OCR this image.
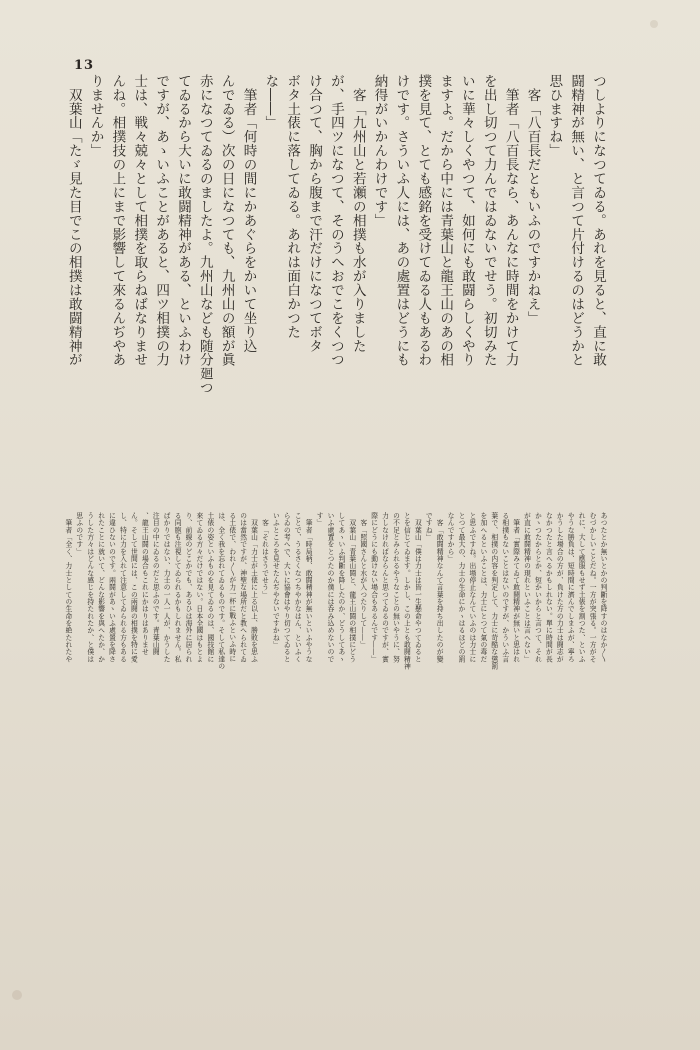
13
つしよりになつてゐる。あれを見ると、直に敢
闘精神が無い、と言つて片付けるのはどうかと
思ひますね」
　客「八百長だともいふのですかねえ」
　筆者「八百長なら、あんなに時間をかけて力
を出し切つて力んではゐないでせう。初切みた
いに華々しくやつて、如何にも敢闘らしくやり
ますよ。だから中には青葉山と龍王山のあの相
撲を見て、とても感銘を受けてゐる人もあるわ
けです。さういふ人には、あの處置はどうにも
納得がいかんわけです」
　客「九州山と若瀬の相撲も水が入りました
が、手四ツになつて、そのうへおでこをくつつ
け合つて、胸から腹まで汗だけになつてボタ
ボタ土俵に落してゐる。あれは面白かつた
な――」
　筆者「何時の間にかあぐらをかいて坐り込
んでゐる）次の日になつても、九州山の額が眞
赤になつてゐるのましたよ。九州山なども随分廻つ
てゐるから大いに敢闘精神がある、といふわけ
ですが、あゝいふことがあると、四ツ相撲の力
士は、戦々兢々として相撲を取らねばなりませ
んね。相撲技の上にまで影響して來るんぢやあ
りませんか」
　双葉山「たゞ見た目でこの相撲は敢闘精神が
あつたとか無いとかの判斷を降すのはなか〳〵
むづかしいことだね。一方が突張る。一方がそ
れに、大して應服もせず土俵を割つた、といふ
やうな勝負は、短時間に濟んでしまふが、寧ろ
かうした場合の方が、負けた方の力士は闘志が
なかつたと言へるかもしれない。單に時間が長
かゝつたからとか、短かいからと言つて、それ
が直に敢闘精神の現れといふことは言へない」
　筆者「實際みてゐて敢闘精神が無いと思はれ
る相撲もないことはないのですが、かういふ言
葉で、相撲の内容を判定して、力士に苛酷な懲罰
を加へるといふことは、力士にとつて氣の毒だ
と思ふですね。出場停止なんていふのは力士に
とつて最大の、力士の生命にかゝはるほどの罰
なんですから」
　客「敢闘精神なんて言葉を持ち出したのが變
ですね」
　双葉山「僕は力士は皆一生懸命やつてゐると
とを信じてゐます。しかし、この上とも敢闘精神
の不足とみられるやうなことの無いやうに、努
力しなければならんと思つてゐるのですが、實
際にどうにも動けない場合もあるんです――」
　客「照國さんと水が入つたりして――」
　双葉山「青葉山闘と、龍王山闘の相撲にどう
してあゝいふ判斷を降したのか、どうしてあゝ
いふ處置をとつたのか僕には呑み込めないので
す」
　筆者「時局柄、敢闘精神が無いといふやうな
ことで、うるさくなつちやかなはん、といふく
らゐの考へで、大いに協會はやり切つてゐると
いふところを見せたんぢやないですかね」
　客「それはさうでせう」
　双葉山「力士が土俵に上る以上、勝敗を思ふ
のは當然ですが、神聖な場所だと教へられてゐ
る土俵で、われ〳〵が力一杯に戰ふといふ時に
は、全く我を忘れてゐるものです。そして私達の
土俵の姿といふものを見てゐるのは、國技館に
來てゐる方々だけではない。日本全國はもとよ
り、前線のどこかでも、あるひは海外に居られ
る同胞も注視してゐられるかもしれません。私
ばかりではない、力士の一人一人が、かうした
注目の中にゐるのだと思ふのです。青葉山闘
、龍王山闘の場合もこれにかはりはありませ
ん。そして世間には、この兩闘の相撲を特に愛
し、特に力を入れて注意してゐられる方もある
に違ひないのです。兩闘があゝいふ處置を降さ
れたことに就いて、どんな影響を與へたか、か
うした方々はどんな感じを持たれたか、と僕は
思ふのです」
　筆者「全く、力士としての生命を絶たれたや
